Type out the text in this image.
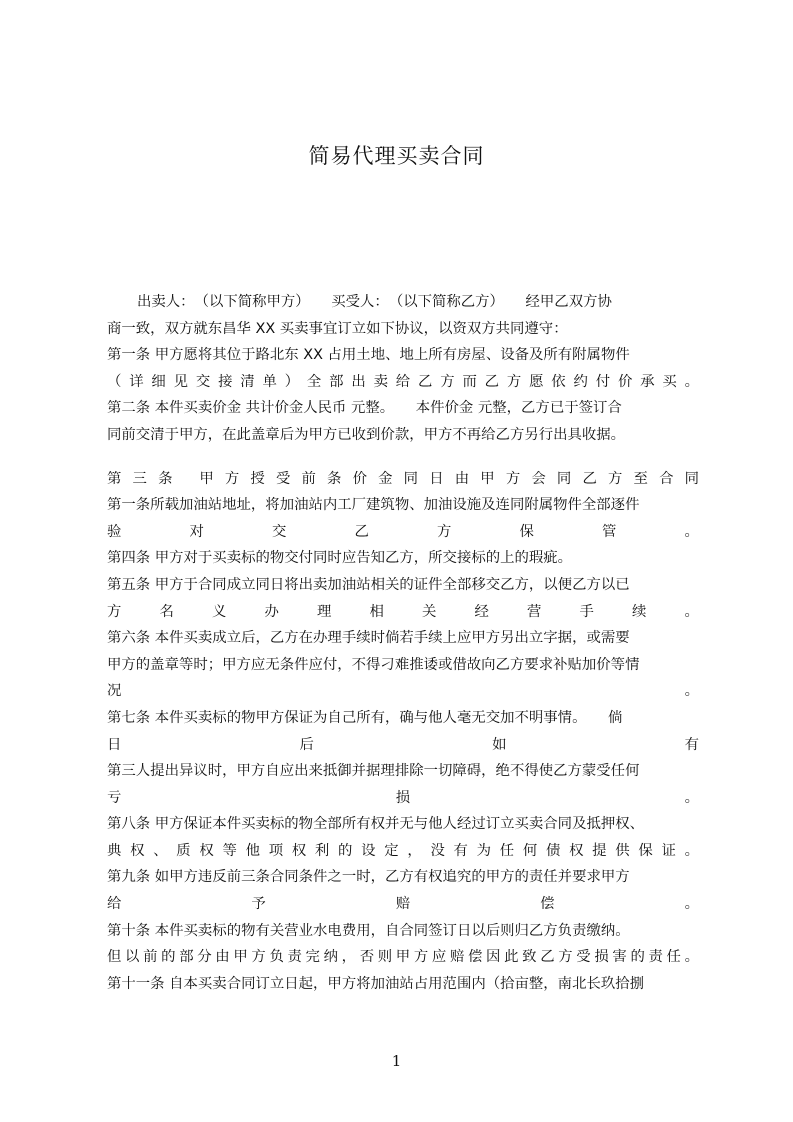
简易代理买卖合同
出卖人：　（以下简称甲方）　　买受人：　（以下简称乙方）　　经甲乙双方协
商一致，双方就东昌华 XX 买卖事宜订立如下协议，以资双方共同遵守：
第一条 甲方愿将其位于路北东 XX 占用土地、地上所有房屋、设备及所有附属物件
（详细见交接清单）全部出卖给乙方而乙方愿依约付价承买。
第二条 本件买卖价金 共计价金人民币 元整。　　本件价金 元整，乙方已于签订合
同前交清于甲方，在此盖章后为甲方已收到价款，甲方不再给乙方另行出具收据。
第三条 甲方授受前条价金同日由甲方会同乙方至合同
第一条所载加油站地址，将加油站内工厂建筑物、加油设施及连同附属物件全部逐件
验	对	交	乙	方	保	管	。
第四条 甲方对于买卖标的物交付同时应告知乙方，所交接标的上的瑕疵。
第五条 甲方于合同成立同日将出卖加油站相关的证件全部移交乙方，以便乙方以已
方	名	义	办	理	相	关	经	营	手	续	。
第六条 本件买卖成立后，乙方在办理手续时倘若手续上应甲方另出立字据，或需要
甲方的盖章等时；甲方应无条件应付，不得刁难推诿或借故向乙方要求补贴加价等情
况	。
第七条 本件买卖标的物甲方保证为自己所有，确与他人毫无交加不明事情。　　倘
日	后	如	有
第三人提出异议时，甲方自应出来抵御并据理排除一切障碍，绝不得使乙方蒙受任何
亏	损	。
第八条 甲方保证本件买卖标的物全部所有权并无与他人经过订立买卖合同及抵押权、
典权、质权等他项权利的设定，没有为任何债权提供保证。
第九条 如甲方违反前三条合同条件之一时，乙方有权追究的甲方的责任并要求甲方
给	予	赔	偿	。
第十条 本件买卖标的物有关营业水电费用，自合同签订日以后则归乙方负责缴纳。
但以前的部分由甲方负责完纳，否则甲方应赔偿因此致乙方受损害的责任。
第十一条 自本买卖合同订立日起，甲方将加油站占用范围内（拾亩整，南北长玖拾捌
1
